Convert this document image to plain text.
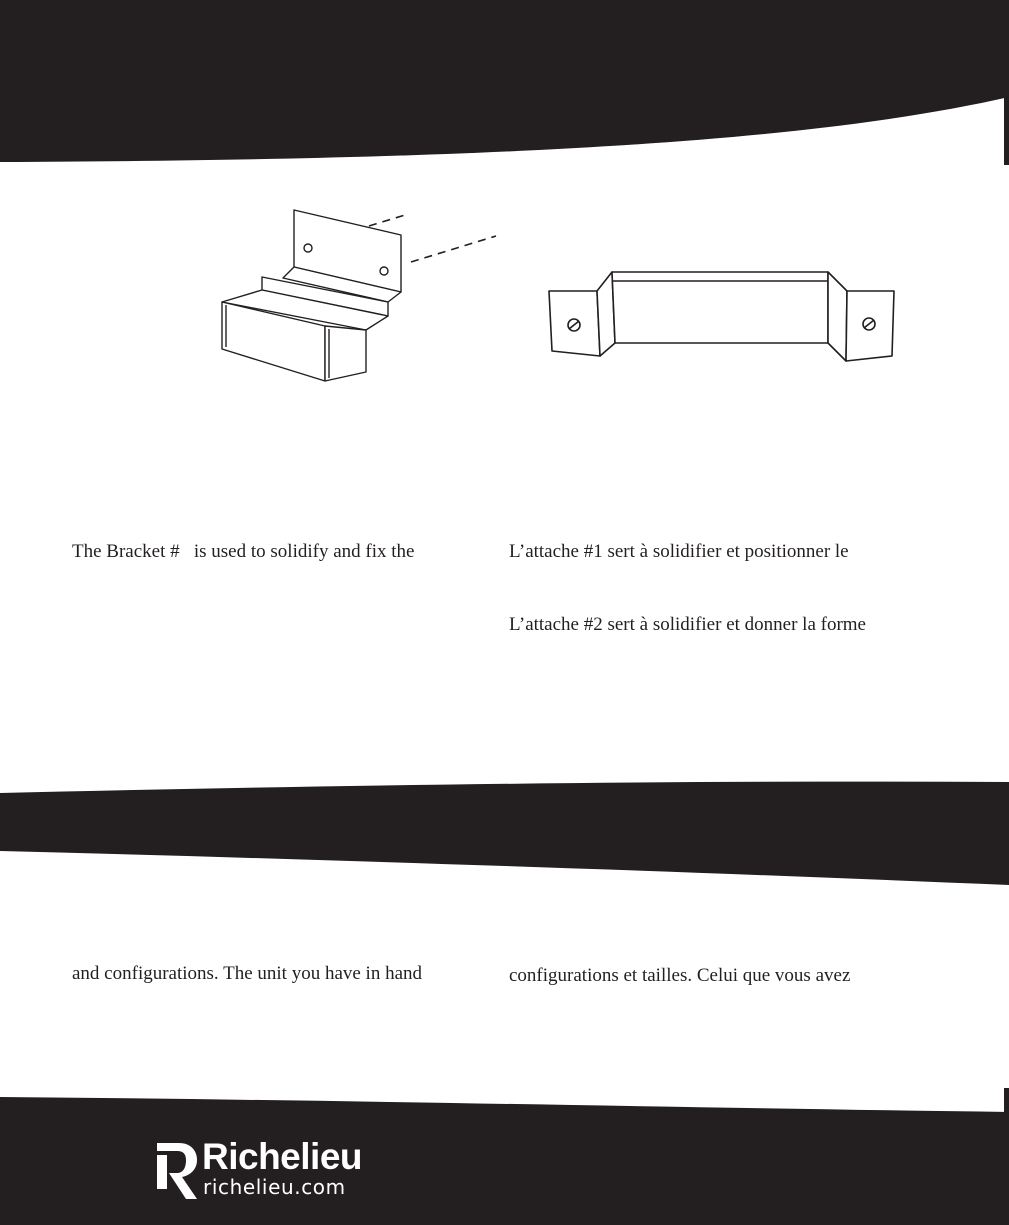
The Bracket #   is used to solidify and fix the	L’attache #1 sert à solidifier et positionner le
L’attache #2 sert à solidifier et donner la forme
and configurations. The unit you have in hand	configurations et tailles. Celui que vous avez
Richelieu
richelieu.com
